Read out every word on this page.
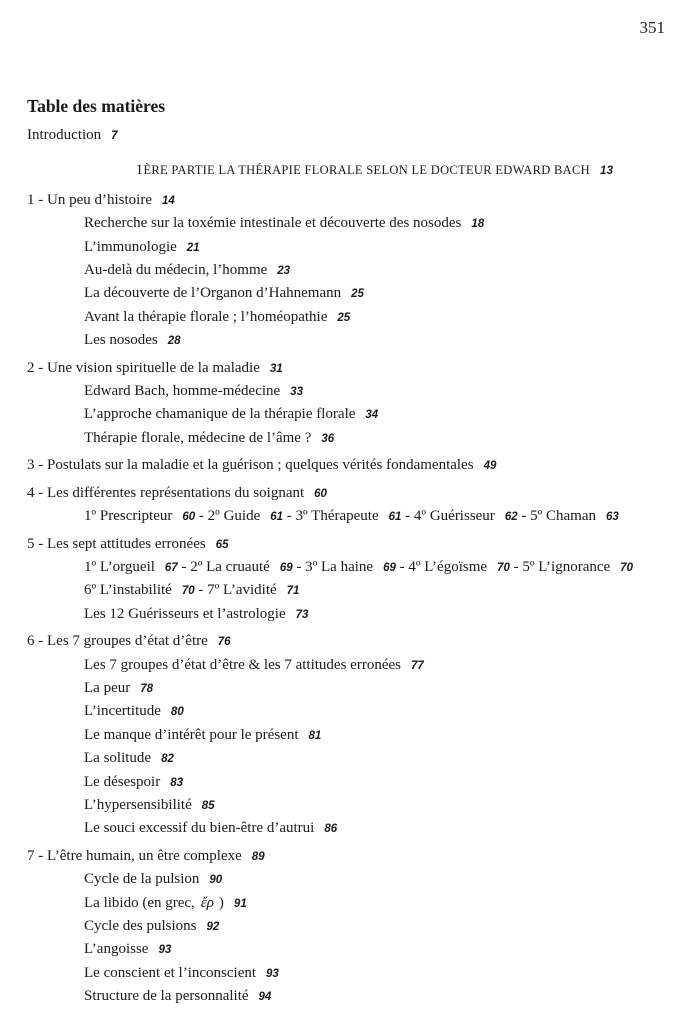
351
Table des matières
Introduction 7
1ÈRE PARTIE LA THÉRAPIE FLORALE SELON LE DOCTEUR EDWARD BACH 13
1 - Un peu d’histoire 14
Recherche sur la toxémie intestinale et découverte des nosodes 18
L’immunologie 21
Au-delà du médecin, l’homme 23
La découverte de l’Organon d’Hahnemann 25
Avant la thérapie florale ; l’homéopathie 25
Les nosodes 28
2 - Une vision spirituelle de la maladie 31
Edward Bach, homme-médecine 33
L’approche chamanique de la thérapie florale 34
Thérapie florale, médecine de l’âme ? 36
3 - Postulats sur la maladie et la guérison ; quelques vérités fondamentales 49
4 - Les différentes représentations du soignant 60
1º Prescripteur 60 - 2º Guide 61 - 3º Thérapeute 61 - 4º Guérisseur 62 - 5º Chaman 63
5 - Les sept attitudes erronées 65
1º L’orgueil 67 - 2º La cruauté 69 - 3º La haine 69 - 4º L’égoïsme 70 - 5º L’ignorance 70
6º L’instabilité 70 - 7º L’avidité 71
Les 12 Guérisseurs et l’astrologie 73
6 - Les 7 groupes d’état d’être 76
Les 7 groupes d’état d’être & les 7 attitudes erronées 77
La peur 78
L’incertitude 80
Le manque d’intérêt pour le présent 81
La solitude 82
Le désespoir 83
L’hypersensibilité 85
Le souci excessif du bien-être d’autrui 86
7 - L’être humain, un être complexe 89
Cycle de la pulsion 90
La libido (en grec, ἔρ ) 91
Cycle des pulsions 92
L’angoisse 93
Le conscient et l’inconscient 93
Structure de la personnalité 94
